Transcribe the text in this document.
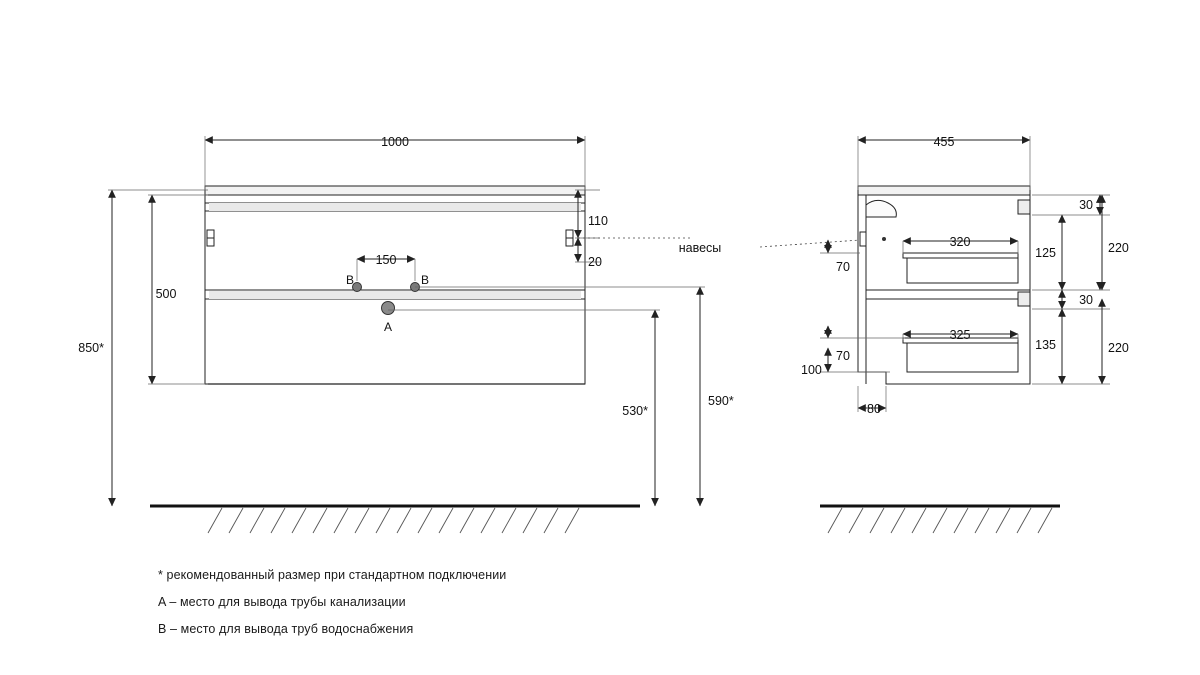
1000
850*
500
110
20
150
530*
590*
B	B
A
навесы
455
30
125	220
30
135	220
320
325
70
70
100
80
* рекомендованный размер при стандартном подключении
A – место для вывода трубы канализации
B – место для вывода труб водоснабжения
